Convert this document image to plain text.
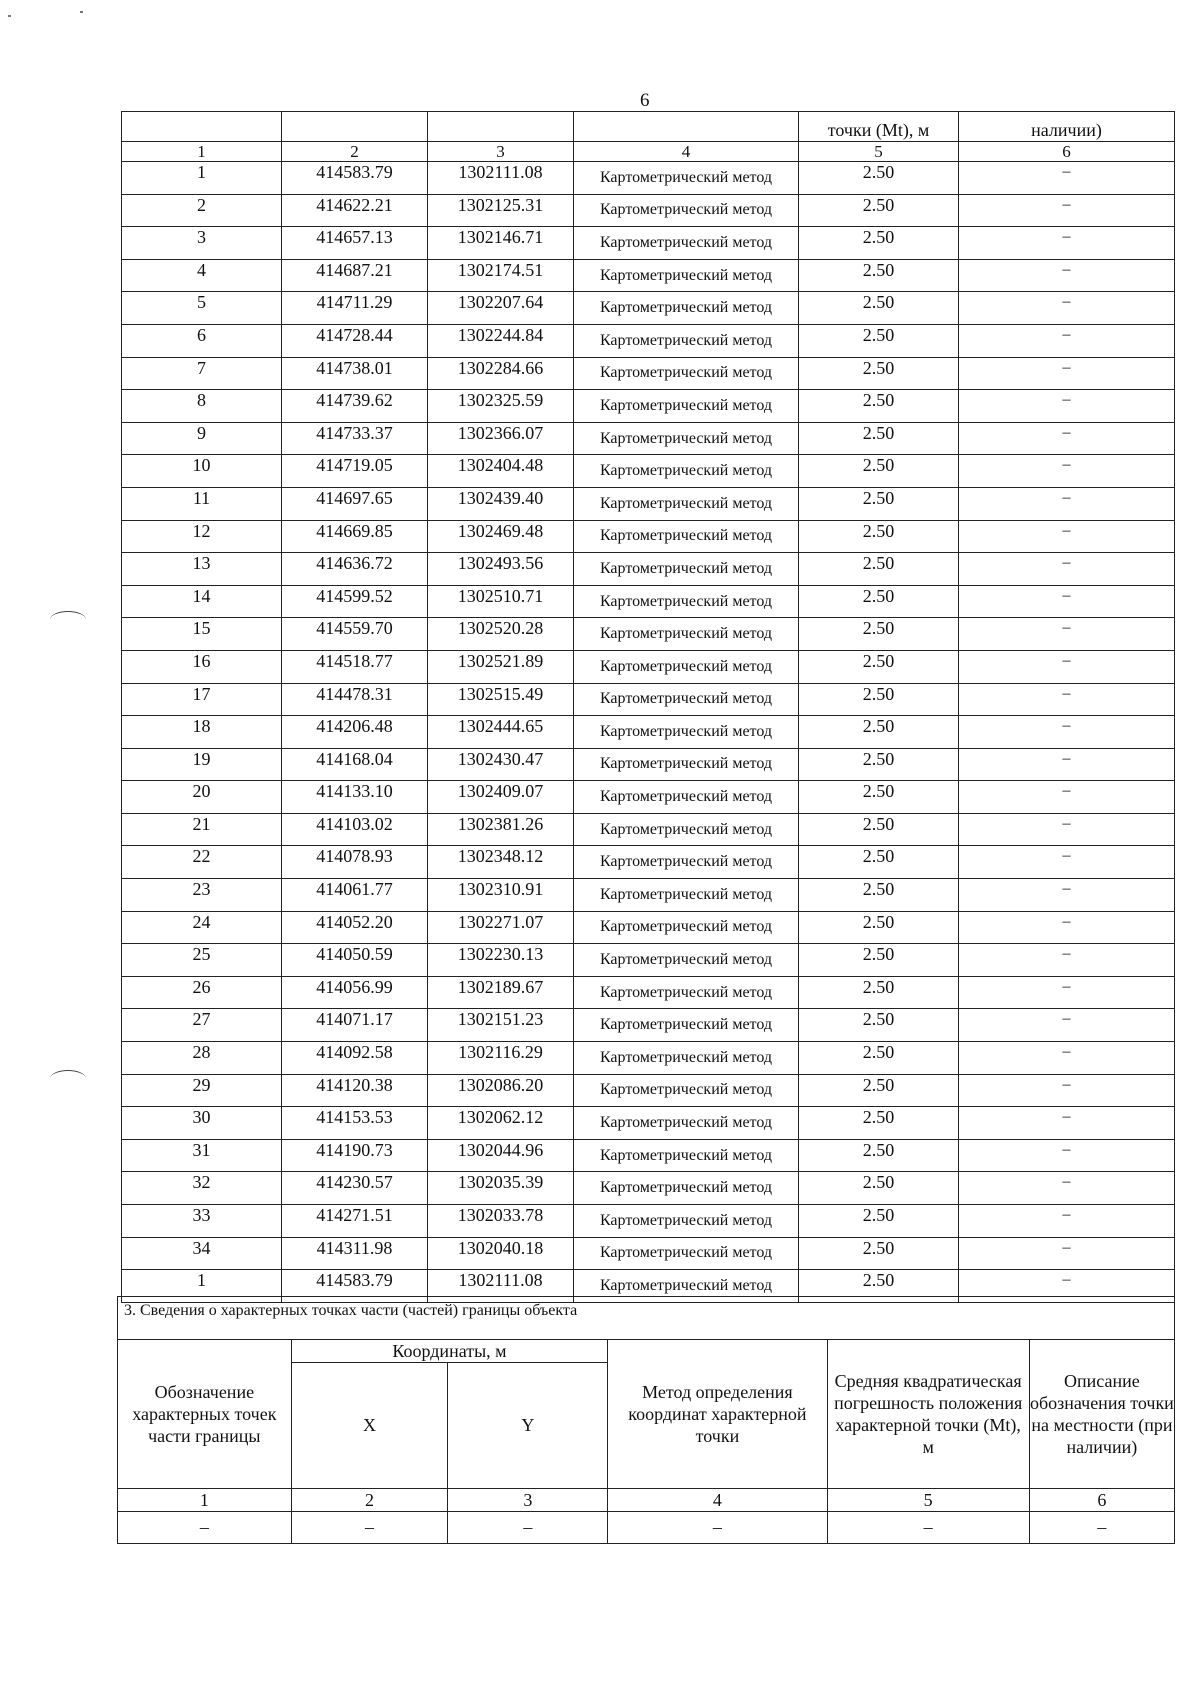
6
				точки (Mt), м	наличии)
1	2	3	4	5	6
1	414583.79	1302111.08	Картометрический метод	2.50	–
2	414622.21	1302125.31	Картометрический метод	2.50	–
3	414657.13	1302146.71	Картометрический метод	2.50	–
4	414687.21	1302174.51	Картометрический метод	2.50	–
5	414711.29	1302207.64	Картометрический метод	2.50	–
6	414728.44	1302244.84	Картометрический метод	2.50	–
7	414738.01	1302284.66	Картометрический метод	2.50	–
8	414739.62	1302325.59	Картометрический метод	2.50	–
9	414733.37	1302366.07	Картометрический метод	2.50	–
10	414719.05	1302404.48	Картометрический метод	2.50	–
11	414697.65	1302439.40	Картометрический метод	2.50	–
12	414669.85	1302469.48	Картометрический метод	2.50	–
13	414636.72	1302493.56	Картометрический метод	2.50	–
14	414599.52	1302510.71	Картометрический метод	2.50	–
15	414559.70	1302520.28	Картометрический метод	2.50	–
16	414518.77	1302521.89	Картометрический метод	2.50	–
17	414478.31	1302515.49	Картометрический метод	2.50	–
18	414206.48	1302444.65	Картометрический метод	2.50	–
19	414168.04	1302430.47	Картометрический метод	2.50	–
20	414133.10	1302409.07	Картометрический метод	2.50	–
21	414103.02	1302381.26	Картометрический метод	2.50	–
22	414078.93	1302348.12	Картометрический метод	2.50	–
23	414061.77	1302310.91	Картометрический метод	2.50	–
24	414052.20	1302271.07	Картометрический метод	2.50	–
25	414050.59	1302230.13	Картометрический метод	2.50	–
26	414056.99	1302189.67	Картометрический метод	2.50	–
27	414071.17	1302151.23	Картометрический метод	2.50	–
28	414092.58	1302116.29	Картометрический метод	2.50	–
29	414120.38	1302086.20	Картометрический метод	2.50	–
30	414153.53	1302062.12	Картометрический метод	2.50	–
31	414190.73	1302044.96	Картометрический метод	2.50	–
32	414230.57	1302035.39	Картометрический метод	2.50	–
33	414271.51	1302033.78	Картометрический метод	2.50	–
34	414311.98	1302040.18	Картометрический метод	2.50	–
1	414583.79	1302111.08	Картометрический метод	2.50	–
3. Сведения о характерных точках части (частей) границы объекта					
Обозначение характерных точек части границы	Координаты, м		Метод определения координат характерной точки	Средняя квадратическая погрешность положения характерной точки (Mt), м	Описание обозначения точки на местности (при наличии)
	X	Y			
1	2	3	4	5	6
–	–	–	–	–	–
